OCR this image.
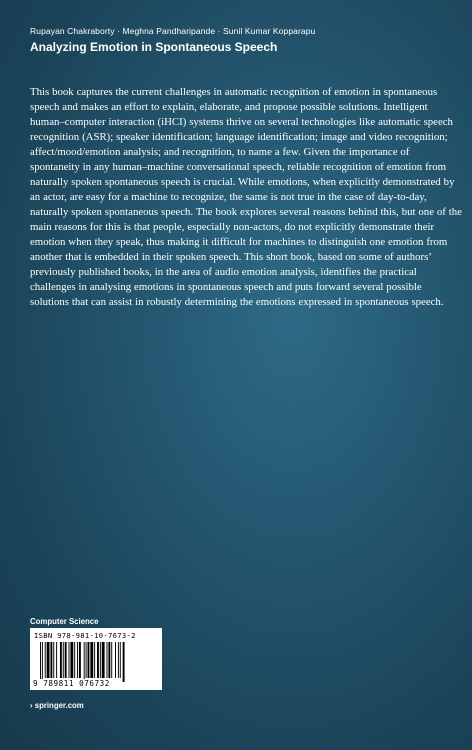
Rupayan Chakraborty · Meghna Pandharipande · Sunil Kumar Kopparapu
Analyzing Emotion in Spontaneous Speech
This book captures the current challenges in automatic recognition of emotion in spontaneous speech and makes an effort to explain, elaborate, and propose possible solutions. Intelligent human–computer interaction (iHCI) systems thrive on several technologies like automatic speech recognition (ASR); speaker identification; language identification; image and video recognition; affect/mood/emotion analysis; and recognition, to name a few. Given the importance of spontaneity in any human–machine conversational speech, reliable recognition of emotion from naturally spoken spontaneous speech is crucial. While emotions, when explicitly demonstrated by an actor, are easy for a machine to recognize, the same is not true in the case of day-to-day, naturally spoken spontaneous speech. The book explores several reasons behind this, but one of the main reasons for this is that people, especially non-actors, do not explicitly demonstrate their emotion when they speak, thus making it difficult for machines to distinguish one emotion from another that is embedded in their spoken speech. This short book, based on some of authors’ previously published books, in the area of audio emotion analysis, identifies the practical challenges in analysing emotions in spontaneous speech and puts forward several possible solutions that can assist in robustly determining the emotions expressed in spontaneous speech.
Computer Science
ISBN 978-981-10-7673-2
9 789811 076732
› springer.com
